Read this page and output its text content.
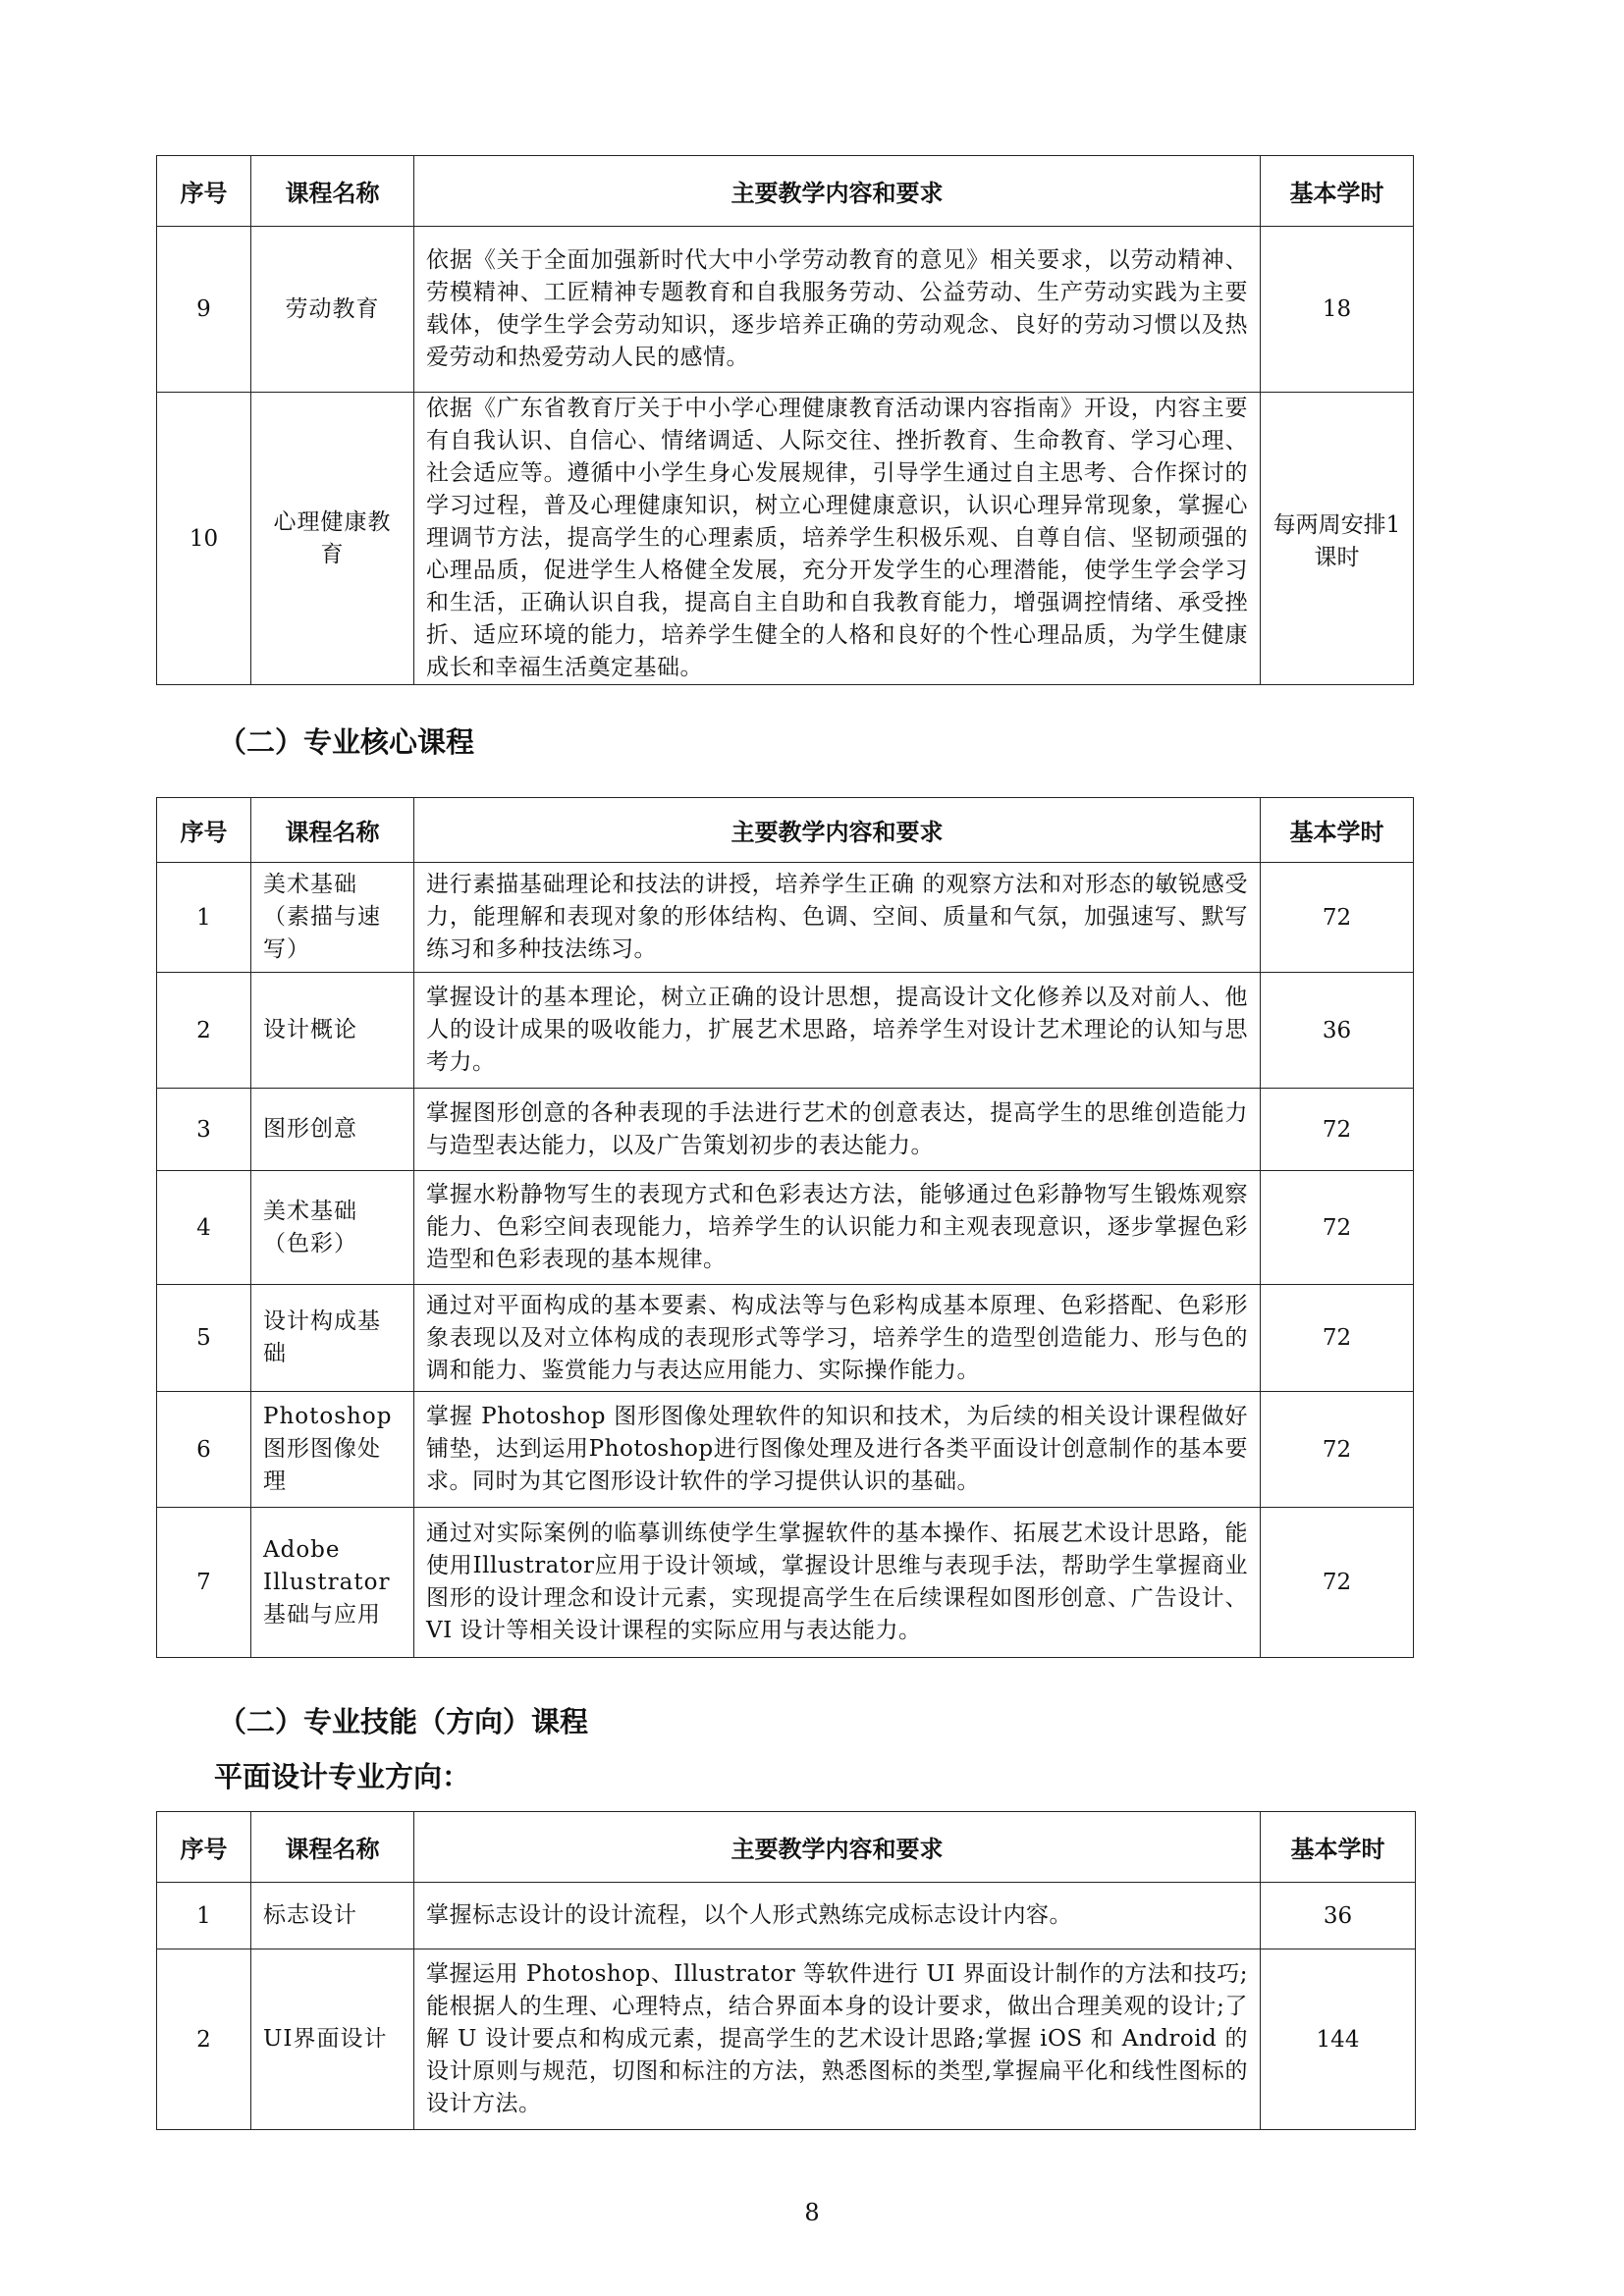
序号	课程名称	主要教学内容和要求	基本学时
9	劳动教育	依据《关于全面加强新时代大中小学劳动教育的意见》相关要求，以劳动精神、劳模精神、工匠精神专题教育和自我服务劳动、公益劳动、生产劳动实践为主要载体，使学生学会劳动知识，逐步培养正确的劳动观念、良好的劳动习惯以及热爱劳动和热爱劳动人民的感情。	18
10	心理健康教育	依据《广东省教育厅关于中小学心理健康教育活动课内容指南》开设，内容主要有自我认识、自信心、情绪调适、人际交往、挫折教育、生命教育、学习心理、社会适应等。遵循中小学生身心发展规律，引导学生通过自主思考、合作探讨的学习过程，普及心理健康知识，树立心理健康意识，认识心理异常现象，掌握心理调节方法，提高学生的心理素质，培养学生积极乐观、自尊自信、坚韧顽强的心理品质，促进学生人格健全发展，充分开发学生的心理潜能，使学生学会学习和生活，正确认识自我，提高自主自助和自我教育能力，增强调控情绪、承受挫折、适应环境的能力，培养学生健全的人格和良好的个性心理品质，为学生健康成长和幸福生活奠定基础。	每两周安排1课时
（二）专业核心课程
序号	课程名称	主要教学内容和要求	基本学时
1	美术基础（素描与速写）	进行素描基础理论和技法的讲授，培养学生正确 的观察方法和对形态的敏锐感受力，能理解和表现对象的形体结构、色调、空间、质量和气氛，加强速写、默写练习和多种技法练习。	72
2	设计概论	掌握设计的基本理论，树立正确的设计思想，提高设计文化修养以及对前人、他人的设计成果的吸收能力，扩展艺术思路，培养学生对设计艺术理论的认知与思考力。	36
3	图形创意	掌握图形创意的各种表现的手法进行艺术的创意表达，提高学生的思维创造能力与造型表达能力，以及广告策划初步的表达能力。	72
4	美术基础（色彩）	掌握水粉静物写生的表现方式和色彩表达方法，能够通过色彩静物写生锻炼观察能力、色彩空间表现能力，培养学生的认识能力和主观表现意识，逐步掌握色彩造型和色彩表现的基本规律。	72
5	设计构成基础	通过对平面构成的基本要素、构成法等与色彩构成基本原理、色彩搭配、色彩形象表现以及对立体构成的表现形式等学习，培养学生的造型创造能力、形与色的调和能力、鉴赏能力与表达应用能力、实际操作能力。	72
6	Photoshop图形图像处理	掌握 Photoshop 图形图像处理软件的知识和技术，为后续的相关设计课程做好铺垫，达到运用Photoshop进行图像处理及进行各类平面设计创意制作的基本要求。同时为其它图形设计软件的学习提供认识的基础。	72
7	Adobe Illustrator 基础与应用	通过对实际案例的临摹训练使学生掌握软件的基本操作、拓展艺术设计思路，能使用Illustrator应用于设计领域，掌握设计思维与表现手法，帮助学生掌握商业图形的设计理念和设计元素，实现提高学生在后续课程如图形创意、广告设计、VI 设计等相关设计课程的实际应用与表达能力。	72
（二）专业技能（方向）课程
平面设计专业方向：
序号	课程名称	主要教学内容和要求	基本学时
1	标志设计	掌握标志设计的设计流程，以个人形式熟练完成标志设计内容。	36
2	UI界面设计	掌握运用 Photoshop、Illustrator 等软件进行 UI 界面设计制作的方法和技巧;能根据人的生理、心理特点，结合界面本身的设计要求，做出合理美观的设计;了解 U 设计要点和构成元素，提高学生的艺术设计思路;掌握 iOS 和 Android 的设计原则与规范，切图和标注的方法，熟悉图标的类型,掌握扁平化和线性图标的设计方法。	144
8
